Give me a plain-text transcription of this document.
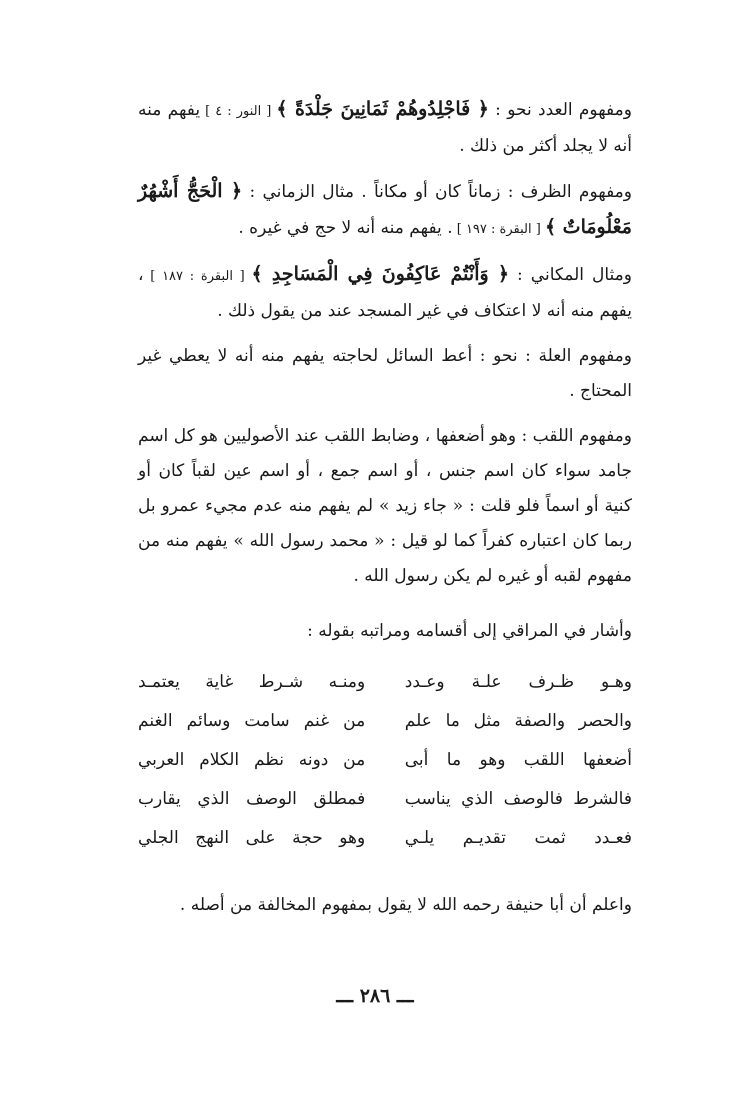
ومفهوم العدد نحو : ﴿ فَاجْلِدُوهُمْ ثَمَانِينَ جَلْدَةً ﴾ [ النور : ٤ ] يفهم منه أنه لا يجلد أكثر من ذلك .

ومفهوم الظرف : زماناً كان أو مكاناً . مثال الزماني : ﴿ الْحَجُّ أَشْهُرٌ مَعْلُومَاتٌ ﴾ [ البقرة : ١٩٧ ] . يفهم منه أنه لا حج في غيره .

ومثال المكاني : ﴿ وَأَنْتُمْ عَاكِفُونَ فِي الْمَسَاجِدِ ﴾ [ البقرة : ١٨٧ ] ، يفهم منه أنه لا اعتكاف في غير المسجد عند من يقول ذلك .

ومفهوم العلة : نحو : أعط السائل لحاجته يفهم منه أنه لا يعطي غير المحتاج .

ومفهوم اللقب : وهو أضعفها ، وضابط اللقب عند الأصوليين هو كل اسم جامد سواء كان اسم جنس ، أو اسم جمع ، أو اسم عين لقباً كان أو كنية أو اسماً فلو قلت : « جاء زيد » لم يفهم منه عدم مجيء عمرو بل ربما كان اعتباره كفراً كما لو قيل : « محمد رسول الله » يفهم منه من مفهوم لقبه أو غيره لم يكن رسول الله .

وأشار في المراقي إلى أقسامه ومراتبه بقوله :

وهـو ظـرف علـة وعـدد
ومنـه شـرط غاية يعتمـد
والحصر والصفة مثل ما علم
من غنم سامت وسائم الغنم
أضعفها اللقب وهو ما أبى
من دونه نظم الكلام العربي
فالشرط فالوصف الذي يناسب
فمطلق الوصف الذي يقارب
فعـدد ثمت تقديـم يلـي
وهو حجة على النهج الجلي

واعلم أن أبا حنيفة رحمه الله لا يقول بمفهوم المخالفة من أصله .

ـــ ٢٨٦ ـــ
